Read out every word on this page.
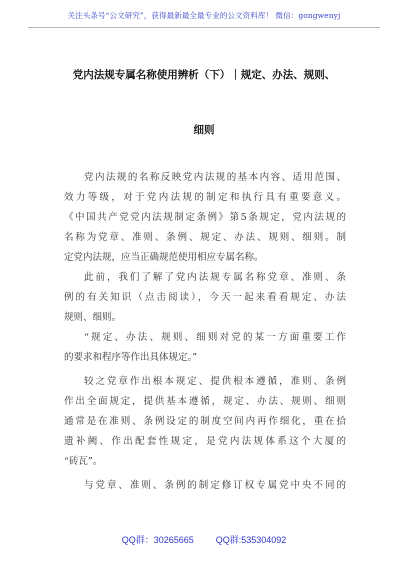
关注头条号“公文研究”，获得最新最全最专业的公文资料库！ 微信：gongwenyj
党内法规专属名称使用辨析（下）｜规定、办法、规则、
细则
党内法规的名称反映党内法规的基本内容、适用范围、
效力等级，对于党内法规的制定和执行具有重要意义。
《中国共产党党内法规制定条例》第5条规定，党内法规的
名称为党章、准则、条例、规定、办法、规则、细则。制
定党内法规，应当正确规范使用相应专属名称。
此前，我们了解了党内法规专属名称党章、准则、条
例的有关知识（点击阅读），今天一起来看看规定、办法
规则、细则。
“规定、办法、规则、细则对党的某一方面重要工作
的要求和程序等作出具体规定。”
较之党章作出根本规定、提供根本遵循，准则、条例
作出全面规定，提供基本遵循，规定、办法、规则、细则
通常是在准则、条例设定的制度空间内再作细化，重在拾
遗补阙、作出配套性规定，是党内法规体系这个大厦的
“砖瓦”。
与党章、准则、条例的制定修订权专属党中央不同的
QQ群：30265665 QQ群:535304092
